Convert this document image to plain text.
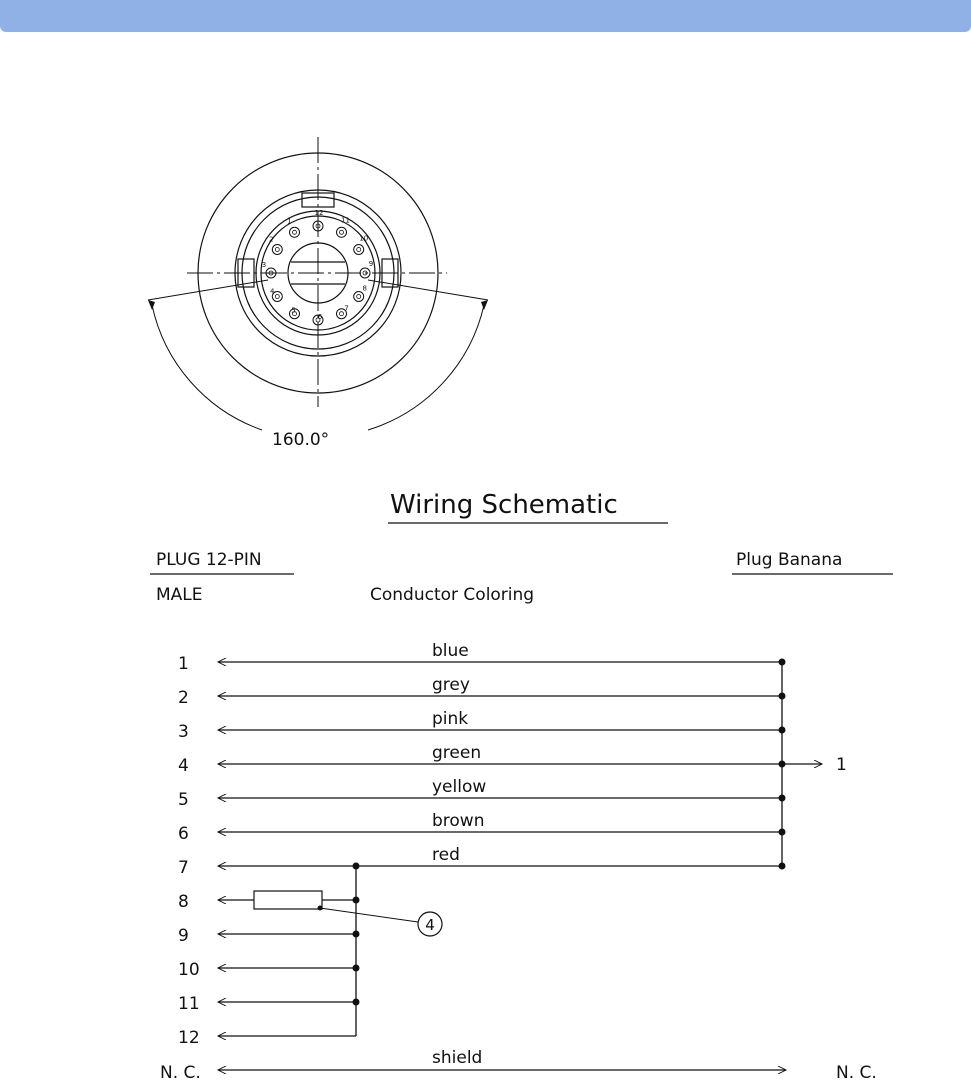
1
2
3
4
5
6
7
8
9
10
11
12
160.0°
Wiring Schematic
PLUG 12-PIN
MALE	Conductor Coloring
Plug Banana
1
blue
2
grey
3
pink
4
green
5
yellow
6
brown
7
red
8
9
10
11
12
1
4
N. C.
shield
N. C.
